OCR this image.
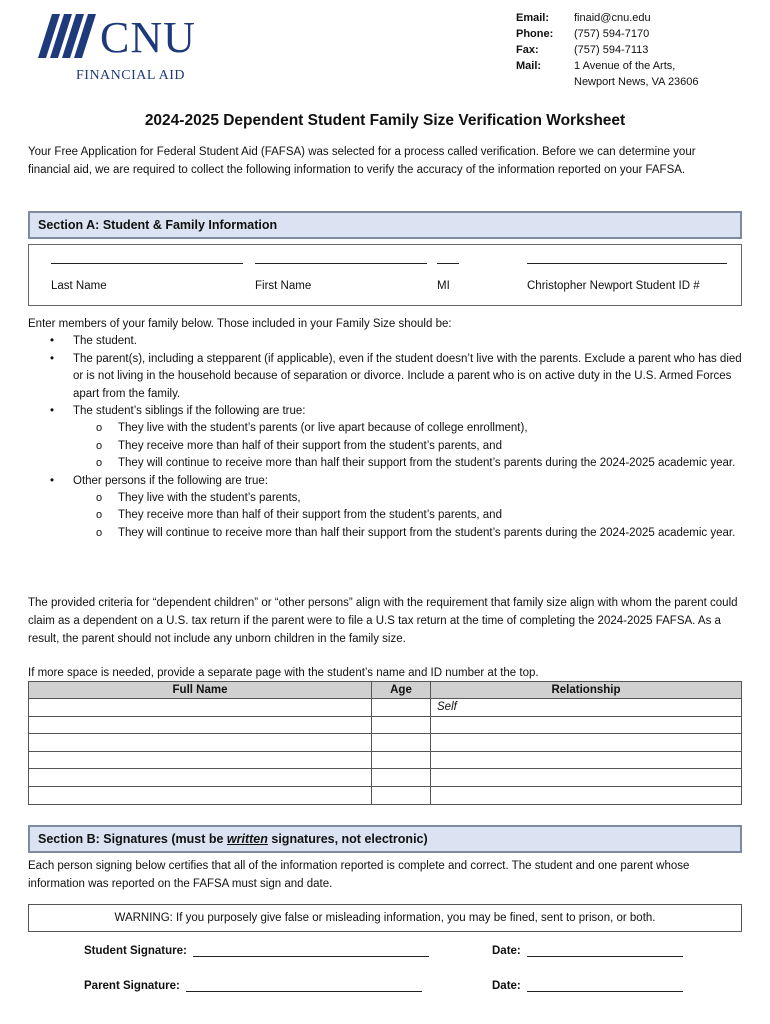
CNU
FINANCIAL AID
Email:	finaid@cnu.edu
Phone:	(757) 594-7170
Fax:	(757) 594-7113
Mail:	1 Avenue of the Arts,
Newport News, VA 23606
2024-2025 Dependent Student Family Size Verification Worksheet
Your Free Application for Federal Student Aid (FAFSA) was selected for a process called verification. Before we can determine your financial aid, we are required to collect the following information to verify the accuracy of the information reported on your FAFSA.
Section A: Student & Family Information
Last Name	First Name	MI	Christopher Newport Student ID #
Enter members of your family below. Those included in your Family Size should be:
• The student.
• The parent(s), including a stepparent (if applicable), even if the student doesn’t live with the parents. Exclude a parent who has died or is not living in the household because of separation or divorce. Include a parent who is on active duty in the U.S. Armed Forces apart from the family.
• The student’s siblings if the following are true:
o They live with the student’s parents (or live apart because of college enrollment),
o They receive more than half of their support from the student’s parents, and
o They will continue to receive more than half their support from the student’s parents during the 2024-2025 academic year.
• Other persons if the following are true:
o They live with the student’s parents,
o They receive more than half of their support from the student’s parents, and
o They will continue to receive more than half their support from the student’s parents during the 2024-2025 academic year.
The provided criteria for “dependent children” or “other persons” align with the requirement that family size align with whom the parent could claim as a dependent on a U.S. tax return if the parent were to file a U.S tax return at the time of completing the 2024-2025 FAFSA. As a result, the parent should not include any unborn children in the family size.
If more space is needed, provide a separate page with the student’s name and ID number at the top.
Full Name	Age	Relationship
		Self

Section B: Signatures (must be written signatures, not electronic)
Each person signing below certifies that all of the information reported is complete and correct. The student and one parent whose information was reported on the FAFSA must sign and date.
WARNING: If you purposely give false or misleading information, you may be fined, sent to prison, or both.
Student Signature:	Date:
Parent Signature:	Date:
